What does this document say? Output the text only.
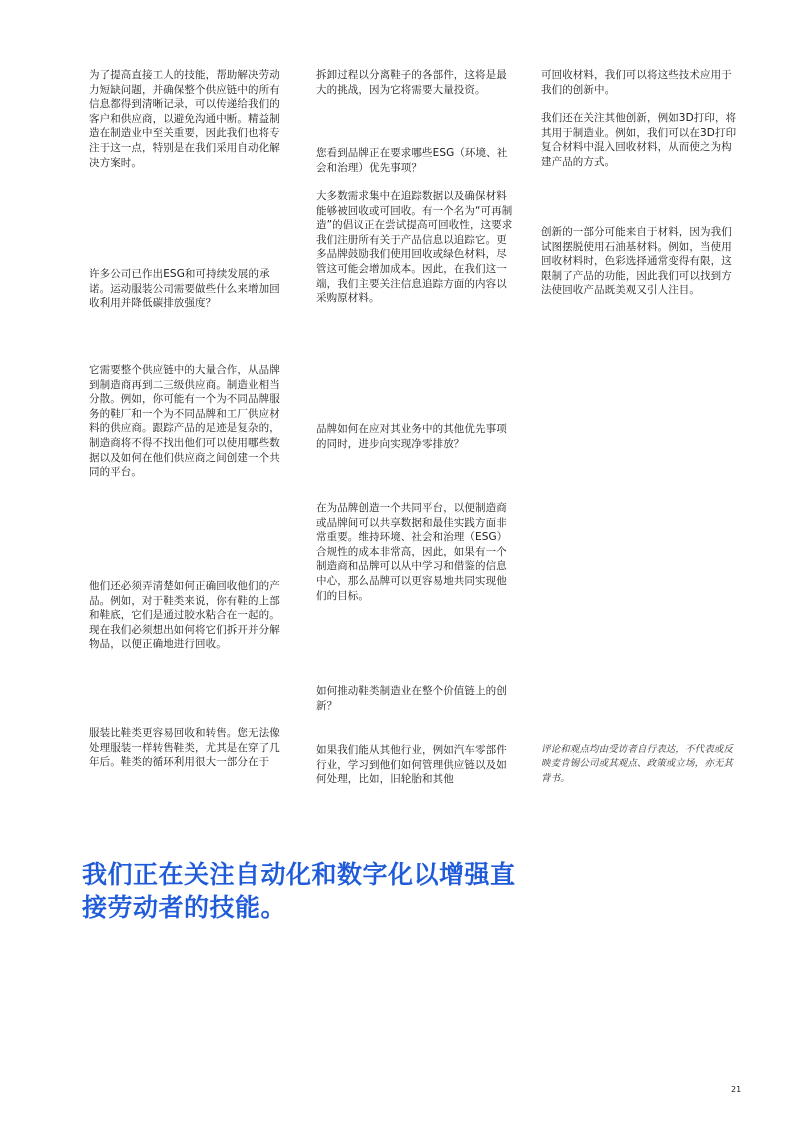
为了提高直接工人的技能，帮助解决劳动力短缺问题，并确保整个供应链中的所有信息都得到清晰记录，可以传递给我们的客户和供应商，以避免沟通中断。精益制造在制造业中至关重要，因此我们也将专注于这一点，特别是在我们采用自动化解决方案时。

许多公司已作出ESG和可持续发展的承诺。运动服装公司需要做些什么来增加回收利用并降低碳排放强度？

它需要整个供应链中的大量合作，从品牌到制造商再到二三级供应商。制造业相当分散。例如，你可能有一个为不同品牌服务的鞋厂和一个为不同品牌和工厂供应材料的供应商。跟踪产品的足迹是复杂的，制造商将不得不找出他们可以使用哪些数据以及如何在他们供应商之间创建一个共同的平台。

他们还必须弄清楚如何正确回收他们的产品。例如，对于鞋类来说，你有鞋的上部和鞋底，它们是通过胶水粘合在一起的。现在我们必须想出如何将它们拆开并分解物品，以便正确地进行回收。

服装比鞋类更容易回收和转售。您无法像处理服装一样转售鞋类，尤其是在穿了几年后。鞋类的循环利用很大一部分在于

拆卸过程以分离鞋子的各部件，这将是最大的挑战，因为它将需要大量投资。

您看到品牌正在要求哪些ESG（环境、社会和治理）优先事项？

大多数需求集中在追踪数据以及确保材料能够被回收或可回收。有一个名为“可再制造”的倡议正在尝试提高可回收性，这要求我们注册所有关于产品信息以追踪它。更多品牌鼓励我们使用回收或绿色材料，尽管这可能会增加成本。因此，在我们这一端，我们主要关注信息追踪方面的内容以采购原材料。

品牌如何在应对其业务中的其他优先事项的同时，进步向实现净零排放？

在为品牌创造一个共同平台，以便制造商或品牌间可以共享数据和最佳实践方面非常重要。维持环境、社会和治理（ESG）合规性的成本非常高，因此，如果有一个制造商和品牌可以从中学习和借鉴的信息中心，那么品牌可以更容易地共同实现他们的目标。

如何推动鞋类制造业在整个价值链上的创新？

如果我们能从其他行业，例如汽车零部件行业，学习到他们如何管理供应链以及如何处理，比如，旧轮胎和其他

可回收材料，我们可以将这些技术应用于我们的创新中。

我们还在关注其他创新，例如3D打印，将其用于制造业。例如，我们可以在3D打印复合材料中混入回收材料，从而使之为构建产品的方式。

创新的一部分可能来自于材料，因为我们试图摆脱使用石油基材料。例如，当使用回收材料时，色彩选择通常变得有限，这限制了产品的功能，因此我们可以找到方法使回收产品既美观又引人注目。

评论和观点均由受访者自行表达，不代表或反映麦肯锡公司或其观点、政策或立场，亦无其背书。

我们正在关注自动化和数字化以增强直接劳动者的技能。
21
